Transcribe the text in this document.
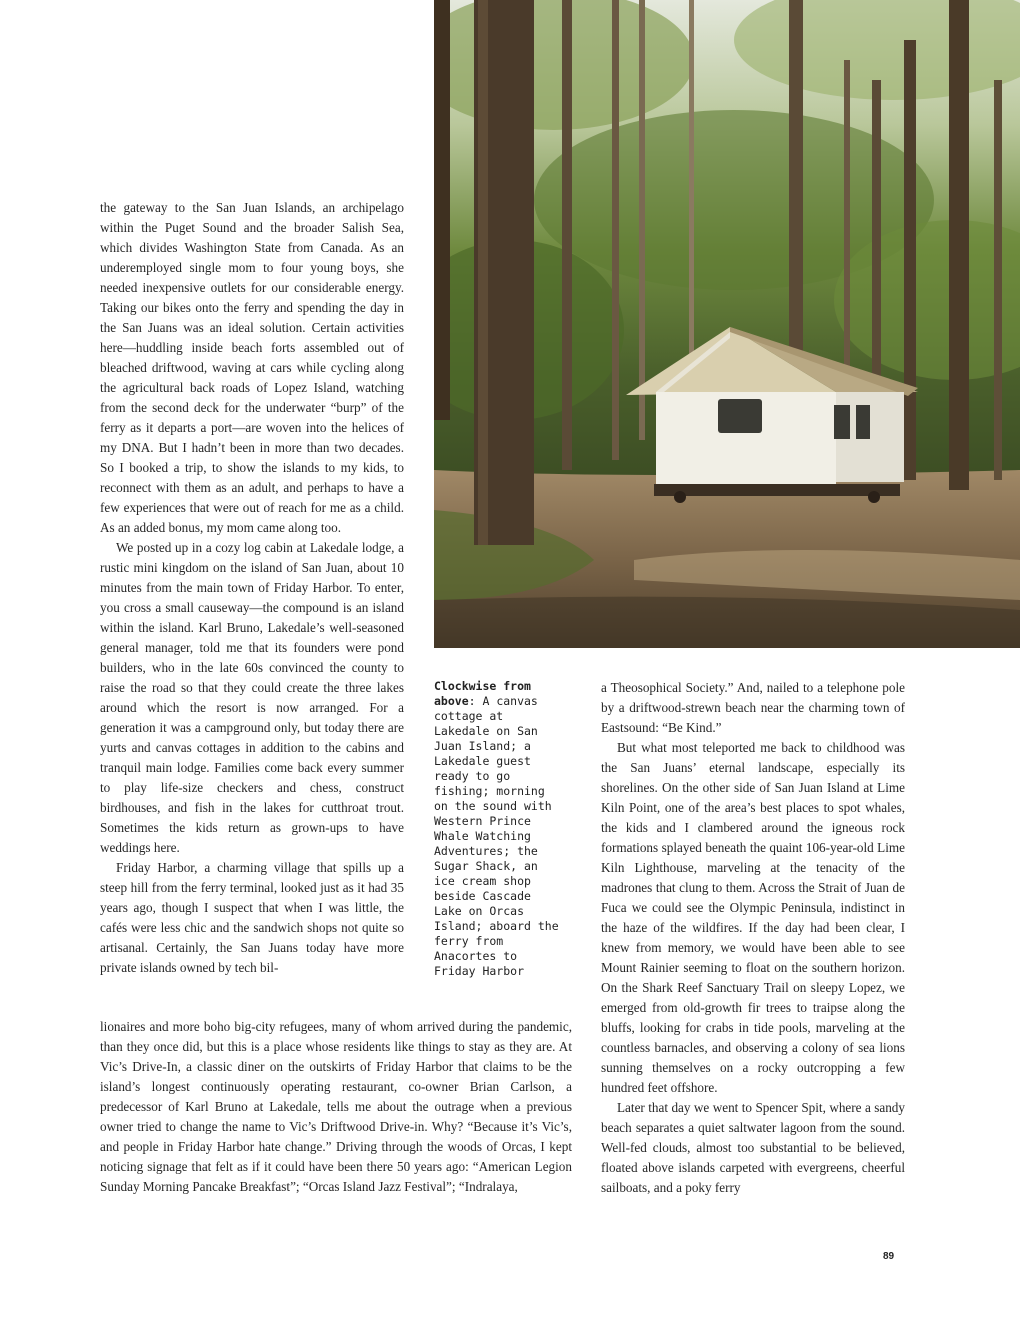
the gateway to the San Juan Islands, an archipelago within the Puget Sound and the broader Salish Sea, which divides Washington State from Canada. As an underemployed single mom to four young boys, she needed inexpensive outlets for our considerable energy. Taking our bikes onto the ferry and spending the day in the San Juans was an ideal solution. Certain activities here—huddling inside beach forts assembled out of bleached driftwood, waving at cars while cycling along the agricultural back roads of Lopez Island, watching from the second deck for the underwater “burp” of the ferry as it departs a port—are woven into the helices of my DNA. But I hadn’t been in more than two decades. So I booked a trip, to show the islands to my kids, to reconnect with them as an adult, and perhaps to have a few experiences that were out of reach for me as a child. As an added bonus, my mom came along too.

We posted up in a cozy log cabin at Lakedale lodge, a rustic mini kingdom on the island of San Juan, about 10 minutes from the main town of Friday Harbor. To enter, you cross a small causeway—the compound is an island within the island. Karl Bruno, Lakedale’s well-seasoned general manager, told me that its founders were pond builders, who in the late 60s convinced the county to raise the road so that they could create the three lakes around which the resort is now arranged. For a generation it was a campground only, but today there are yurts and canvas cottages in addition to the cabins and tranquil main lodge. Families come back every summer to play life-size checkers and chess, construct birdhouses, and fish in the lakes for cutthroat trout. Sometimes the kids return as grown-ups to have weddings here.

Friday Harbor, a charming village that spills up a steep hill from the ferry terminal, looked just as it had 35 years ago, though I suspect that when I was little, the cafés were less chic and the sandwich shops not quite so artisanal. Certainly, the San Juans today have more private islands owned by tech bil-

lionaires and more boho big-city refugees, many of whom arrived during the pandemic, than they once did, but this is a place whose residents like things to stay as they are. At Vic’s Drive-In, a classic diner on the outskirts of Friday Harbor that claims to be the island’s longest continuously operating restaurant, co-owner Brian Carlson, a predecessor of Karl Bruno at Lakedale, tells me about the outrage when a previous owner tried to change the name to Vic’s Driftwood Drive-in. Why? “Because it’s Vic’s, and people in Friday Harbor hate change.” Driving through the woods of Orcas, I kept noticing signage that felt as if it could have been there 50 years ago: “American Legion Sunday Morning Pancake Breakfast”; “Orcas Island Jazz Festival”; “Indralaya,

Clockwise from above: A canvas cottage at Lakedale on San Juan Island; a Lakedale guest ready to go fishing; morning on the sound with Western Prince Whale Watching Adventures; the Sugar Shack, an ice cream shop beside Cascade Lake on Orcas Island; aboard the ferry from Anacortes to Friday Harbor

a Theosophical Society.” And, nailed to a telephone pole by a driftwood-strewn beach near the charming town of Eastsound: “Be Kind.”

But what most teleported me back to childhood was the San Juans’ eternal landscape, especially its shorelines. On the other side of San Juan Island at Lime Kiln Point, one of the area’s best places to spot whales, the kids and I clambered around the igneous rock formations splayed beneath the quaint 106-year-old Lime Kiln Lighthouse, marveling at the tenacity of the madrones that clung to them. Across the Strait of Juan de Fuca we could see the Olympic Peninsula, indistinct in the haze of the wildfires. If the day had been clear, I knew from memory, we would have been able to see Mount Rainier seeming to float on the southern horizon. On the Shark Reef Sanctuary Trail on sleepy Lopez, we emerged from old-growth fir trees to traipse along the bluffs, looking for crabs in tide pools, marveling at the countless barnacles, and observing a colony of sea lions sunning themselves on a rocky outcropping a few hundred feet offshore.

Later that day we went to Spencer Spit, where a sandy beach separates a quiet saltwater lagoon from the sound. Well-fed clouds, almost too substantial to be believed, floated above islands carpeted with evergreens, cheerful sailboats, and a poky ferry

89
